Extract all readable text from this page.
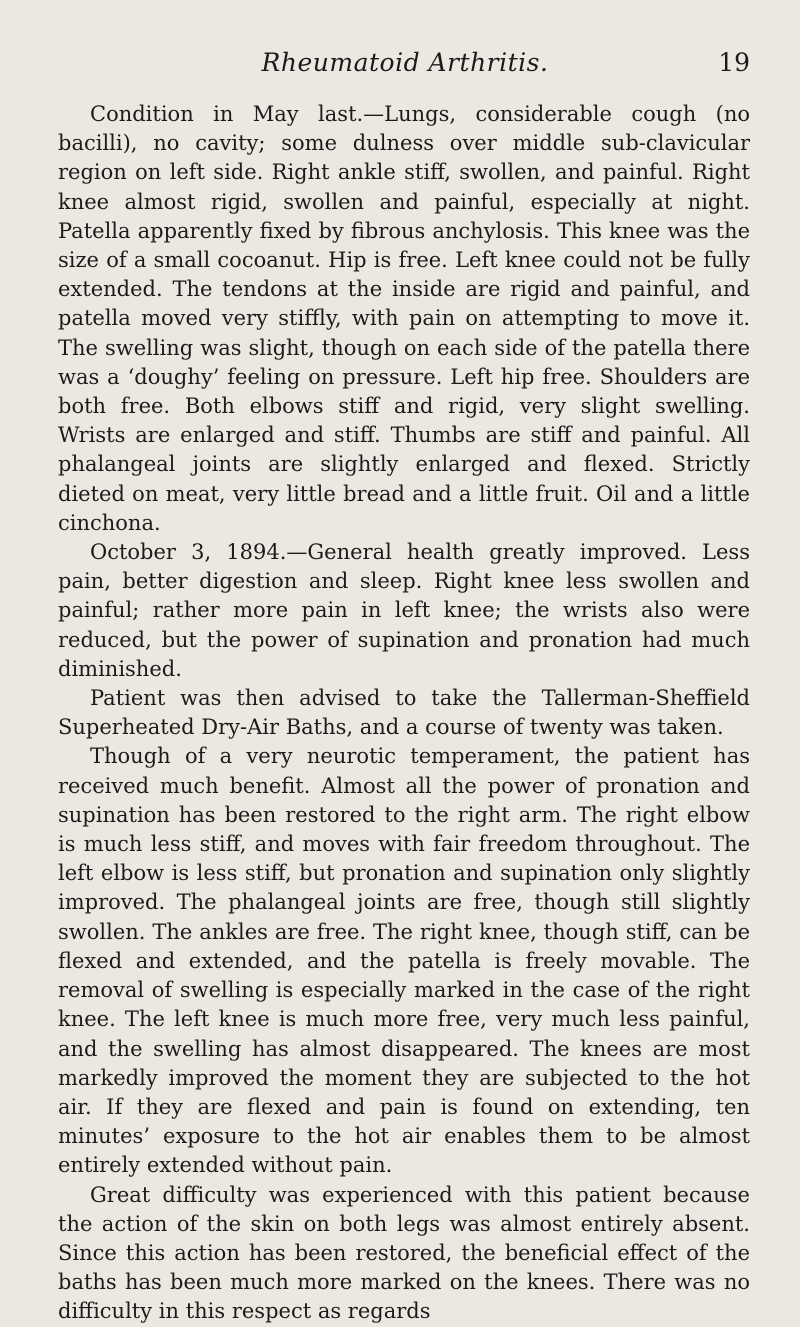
Rheumatoid Arthritis.	19

Condition in May last.—Lungs, considerable cough (no bacilli), no cavity; some dulness over middle sub-clavicular region on left side. Right ankle stiff, swollen, and painful. Right knee almost rigid, swollen and painful, especially at night. Patella apparently fixed by fibrous anchylosis. This knee was the size of a small cocoanut. Hip is free. Left knee could not be fully extended. The tendons at the inside are rigid and painful, and patella moved very stiffly, with pain on attempting to move it. The swelling was slight, though on each side of the patella there was a ‘doughy’ feeling on pressure. Left hip free. Shoulders are both free. Both elbows stiff and rigid, very slight swelling. Wrists are enlarged and stiff. Thumbs are stiff and painful. All phalangeal joints are slightly enlarged and flexed. Strictly dieted on meat, very little bread and a little fruit. Oil and a little cinchona.

October 3, 1894.—General health greatly improved. Less pain, better digestion and sleep. Right knee less swollen and painful; rather more pain in left knee; the wrists also were reduced, but the power of supination and pronation had much diminished.

Patient was then advised to take the Tallerman-Sheffield Superheated Dry-Air Baths, and a course of twenty was taken.

Though of a very neurotic temperament, the patient has received much benefit. Almost all the power of pronation and supination has been restored to the right arm. The right elbow is much less stiff, and moves with fair freedom throughout. The left elbow is less stiff, but pronation and supination only slightly improved. The phalangeal joints are free, though still slightly swollen. The ankles are free. The right knee, though stiff, can be flexed and extended, and the patella is freely movable. The removal of swelling is especially marked in the case of the right knee. The left knee is much more free, very much less painful, and the swelling has almost disappeared. The knees are most markedly improved the moment they are subjected to the hot air. If they are flexed and pain is found on extending, ten minutes’ exposure to the hot air enables them to be almost entirely extended without pain.

Great difficulty was experienced with this patient because the action of the skin on both legs was almost entirely absent. Since this action has been restored, the beneficial effect of the baths has been much more marked on the knees. There was no difficulty in this respect as regards
